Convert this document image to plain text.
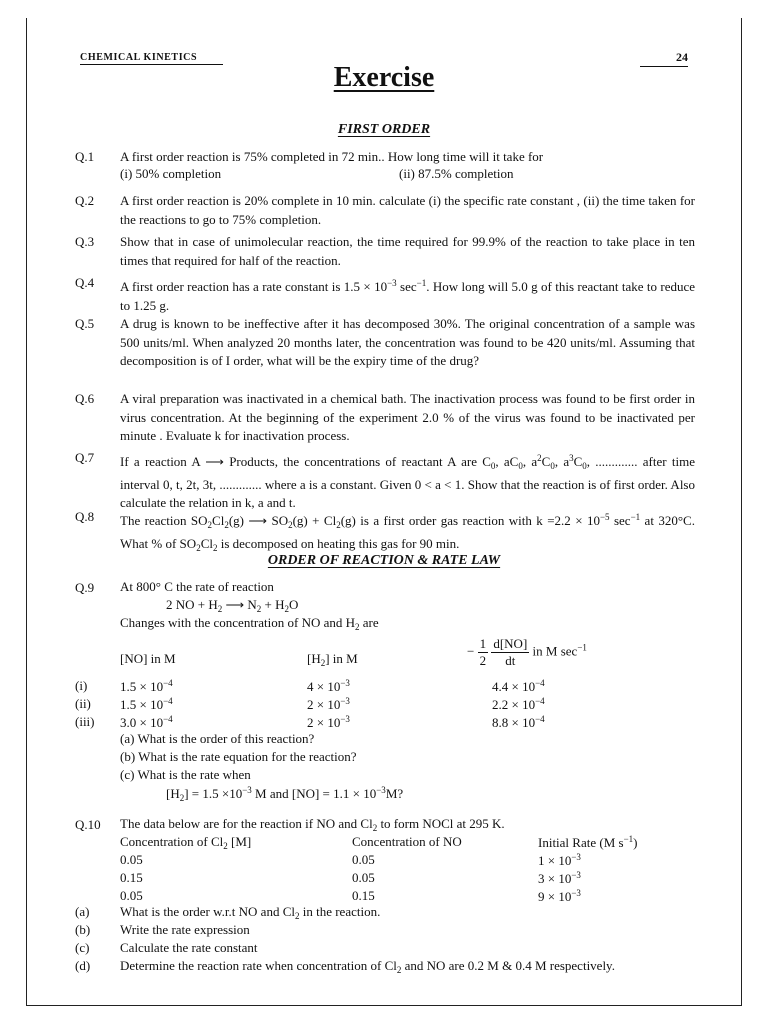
CHEMICAL KINETICS	24
Exercise
FIRST ORDER
Q.1 A first order reaction is 75% completed in 72 min.. How long time will it take for
(i) 50% completion	(ii) 87.5% completion
Q.2 A first order reaction is 20% complete in 10 min. calculate (i) the specific rate constant , (ii) the time taken for the reactions to go to 75% completion.
Q.3 Show that in case of unimolecular reaction, the time required for 99.9% of the reaction to take place in ten times that required for half of the reaction.
Q.4 A first order reaction has a rate constant is $1.5 \times 10^{-3}$ $\sec^{-1}$. How long will 5.0 g of this reactant take to reduce to 1.25 g.
Q.5 A drug is known to be ineffective after it has decomposed 30%. The original concentration of a sample was 500 units/ml. When analyzed 20 months later, the concentration was found to be 420 units/ml. Assuming that decomposition is of I order, what will be the expiry time of the drug?
Q.6 A viral preparation was inactivated in a chemical bath. The inactivation process was found to be first order in virus concentration. At the beginning of the experiment 2.0 % of the virus was found to be inactivated per minute . Evaluate k for inactivation process.
Q.7 If a reaction A ⟶ Products, the concentrations of reactant A are $C_0$, $aC_0$, $a^2C_0$, $a^3C_0$, ............. after time interval 0, t, 2t, 3t, ............. where a is a constant. Given 0 < a < 1. Show that the reaction is of first order. Also calculate the relation in k, a and t.
Q.8 The reaction $SO_2Cl_2(g)$ ⟶ $SO_2(g) + Cl_2(g)$ is a first order gas reaction with $k =2.2 \times 10^{-5}$ $\sec^{-1}$ at 320°C. What % of $SO_2Cl_2$ is decomposed on heating this gas for 90 min.
ORDER OF REACTION & RATE LAW
Q.9 At 800° C the rate of reaction
2 NO + $H_2$ ⟶ $N_2 + H_2O$
Changes with the concentration of NO and $H_2$ are
[NO] in M	$[H_2]$ in M
− $\frac{1}{2}$
$\frac{d[NO]}{dt}$ in M $\sec^{-1}$
(i)	$1.5 \times 10^{-4}$	$4 \times 10^{-3}$	$4.4 \times 10^{-4}$
(ii) $1.5 \times 10^{-4}$	$2 \times 10^{-3}$	$2.2 \times 10^{-4}$
(iii) $3.0 \times 10^{-4}$	$2 \times 10^{-3}$	$8.8 \times 10^{-4}$
(a) What is the order of this reaction?
(b) What is the rate equation for the reaction?
(c) What is the rate when
$[H_2] = 1.5 \times 10^{-3}$ M and $[NO] = 1.1 \times 10^{-3}M$?
Q.10 The data below are for the reaction if NO and $Cl_2$ to form NOCl at 295 K.
Concentration of $Cl_2$ [M]	Concentration of NO	Initial Rate (M $s^{-1}$)
0.05	0.05	$1 \times 10^{-3}$
0.15	0.05	$3 \times 10^{-3}$
0.05	0.15	$9 \times 10^{-3}$
(a) What is the order w.r.t NO and $Cl_2$ in the reaction.
(b) Write the rate expression
(c) Calculate the rate constant
(d) Determine the reaction rate when concentration of $Cl_2$ and NO are 0.2 M & 0.4 M respectively.
